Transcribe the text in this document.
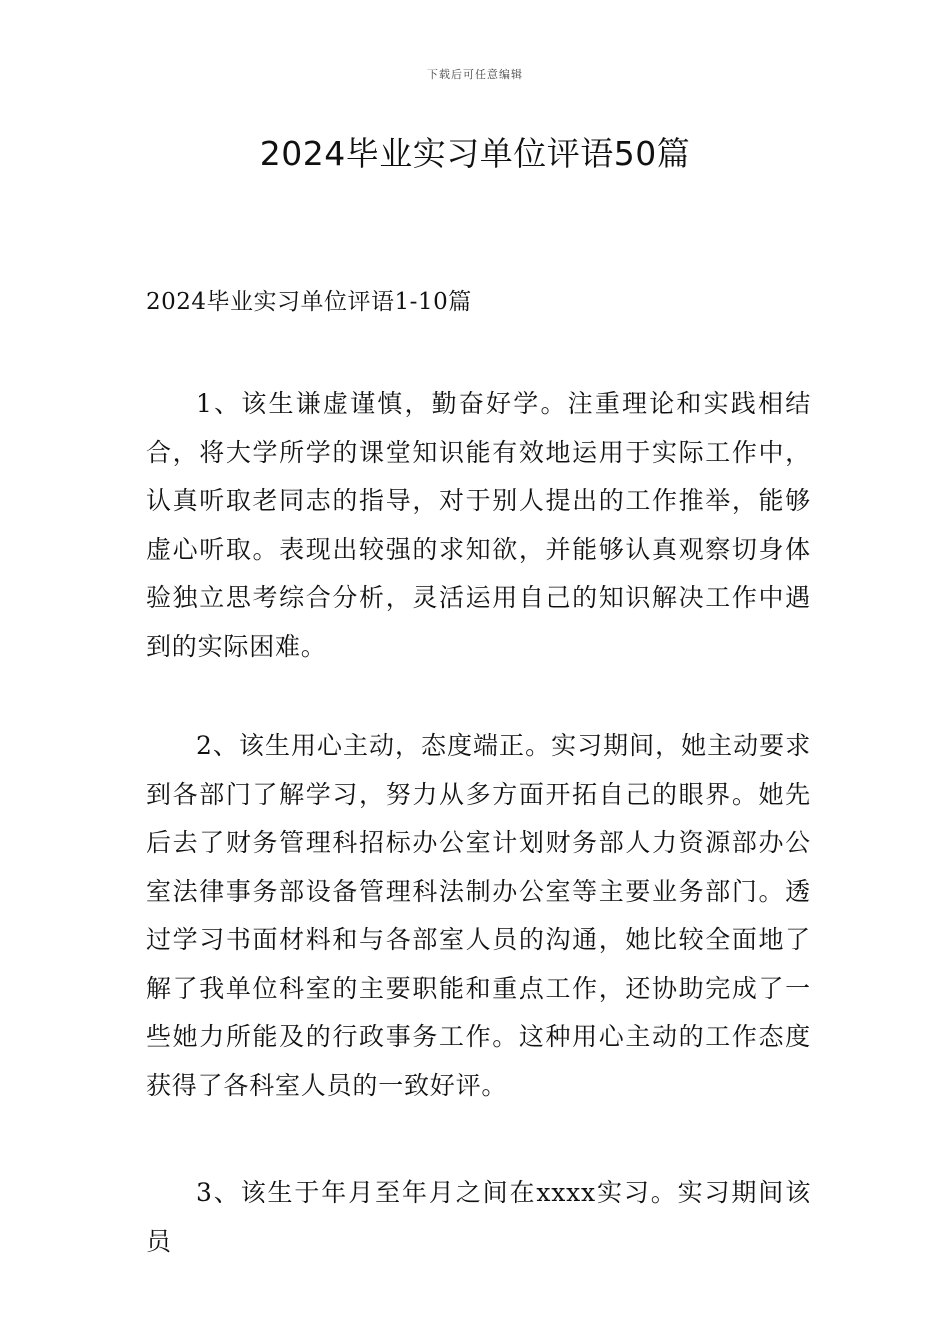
下载后可任意编辑
2024毕业实习单位评语50篇
2024毕业实习单位评语1-10篇

1、该生谦虚谨慎，勤奋好学。注重理论和实践相结合，将大学所学的课堂知识能有效地运用于实际工作中，认真听取老同志的指导，对于别人提出的工作推举，能够虚心听取。表现出较强的求知欲，并能够认真观察切身体验独立思考综合分析，灵活运用自己的知识解决工作中遇到的实际困难。

2、该生用心主动，态度端正。实习期间，她主动要求到各部门了解学习，努力从多方面开拓自己的眼界。她先后去了财务管理科招标办公室计划财务部人力资源部办公室法律事务部设备管理科法制办公室等主要业务部门。透过学习书面材料和与各部室人员的沟通，她比较全面地了解了我单位科室的主要职能和重点工作，还协助完成了一些她力所能及的行政事务工作。这种用心主动的工作态度获得了各科室人员的一致好评。

3、该生于年月至年月之间在xxxx实习。实习期间该员
